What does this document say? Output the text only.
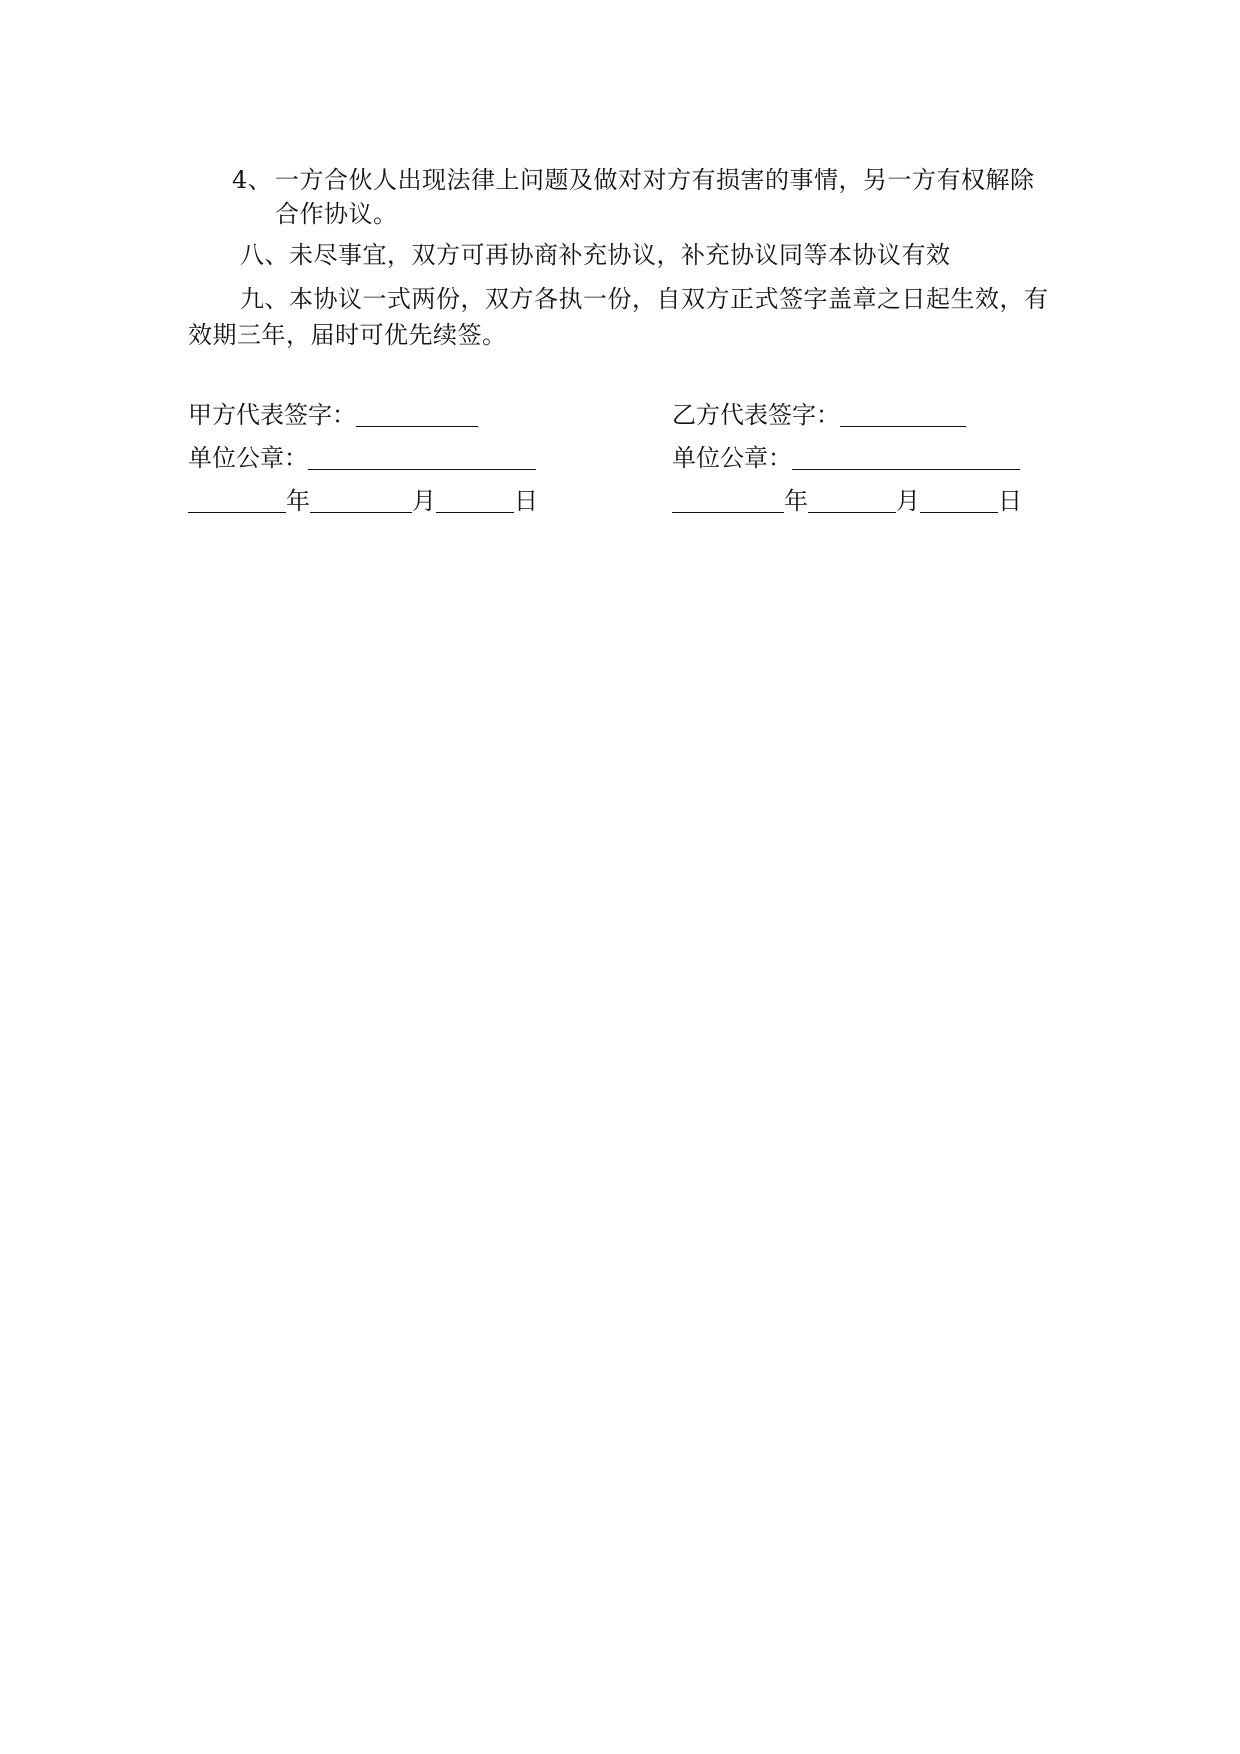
4、 一方合伙人出现法律上问题及做对对方有损害的事情，另一方有权解除
合作协议。
八、未尽事宜，双方可再协商补充协议，补充协议同等本协议有效
九、本协议一式两份，双方各执一份，自双方正式签字盖章之日起生效，有
效期三年，届时可优先续签。
甲方代表签字：
单位公章：
年	月	日
乙方代表签字：
单位公章：
年	月	日
